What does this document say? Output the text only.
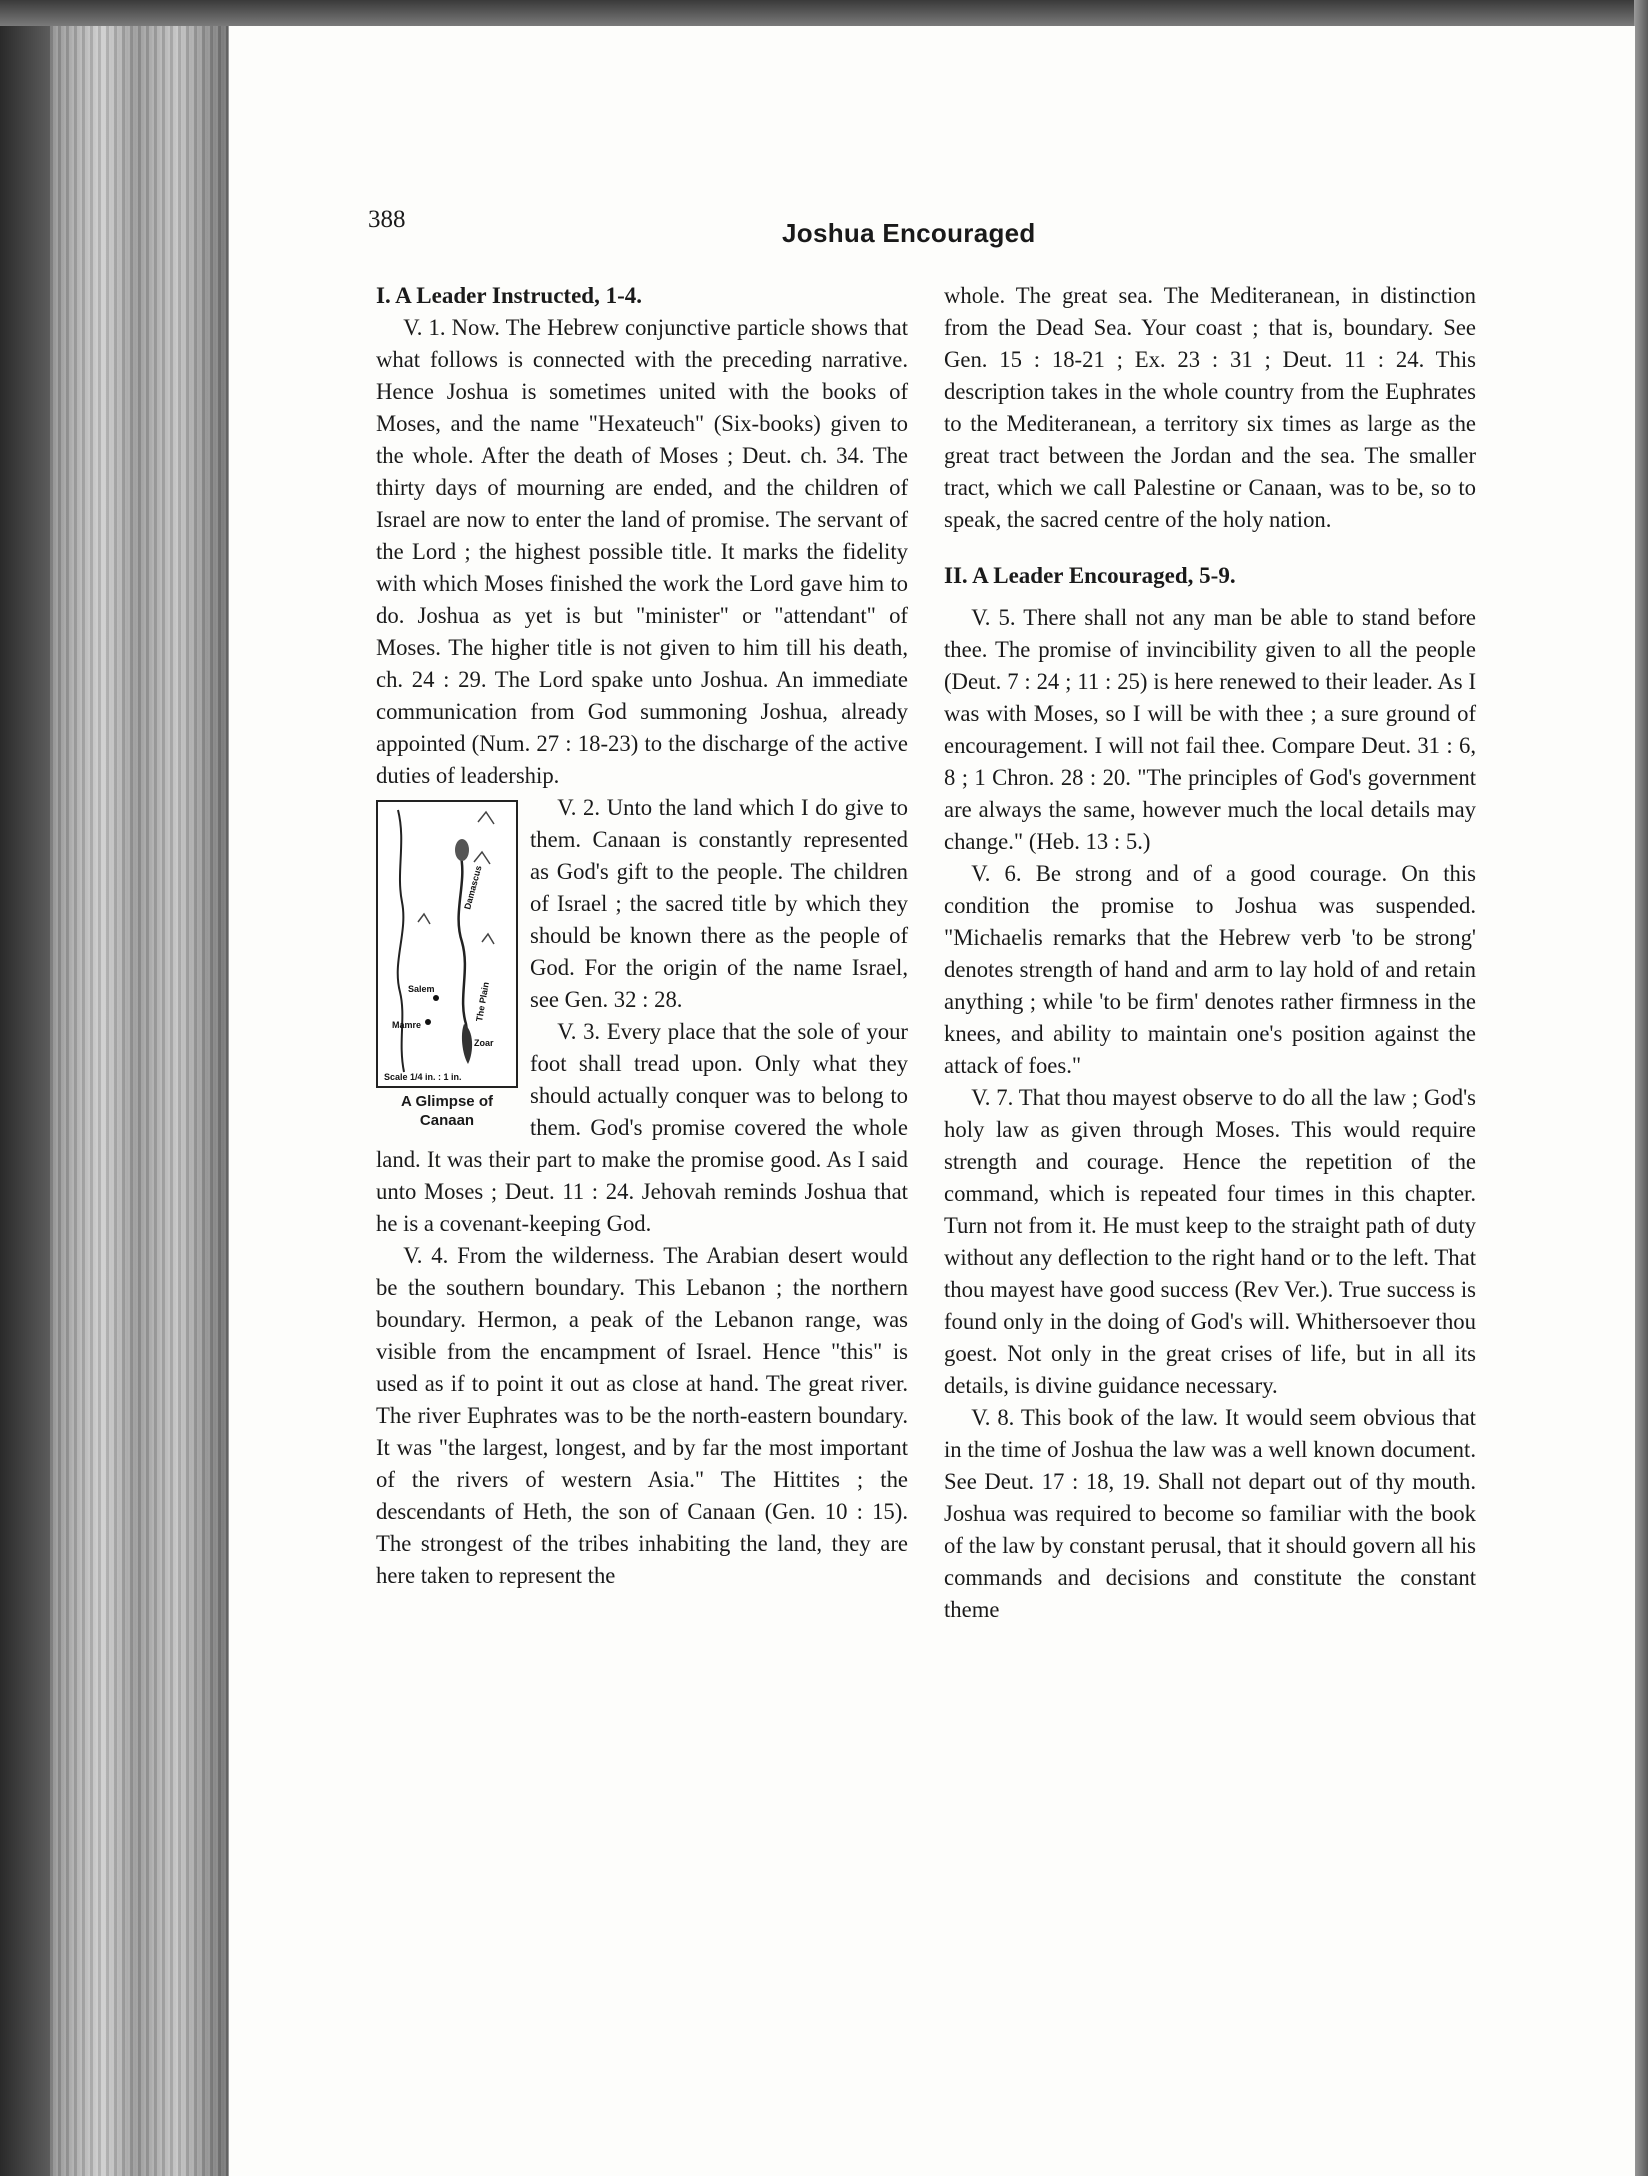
388	Joshua Encouraged
I. A Leader Instructed, 1-4.

V. 1. Now. The Hebrew conjunctive particle shows that what follows is connected with the preceding narrative. Hence Joshua is sometimes united with the books of Moses, and the name "Hexateuch" (Six-books) given to the whole. After the death of Moses ; Deut. ch. 34. The thirty days of mourning are ended, and the children of Israel are now to enter the land of promise. The servant of the Lord ; the highest possible title. It marks the fidelity with which Moses finished the work the Lord gave him to do. Joshua as yet is but "minister" or "attendant" of Moses. The higher title is not given to him till his death, ch. 24 : 29. The Lord spake unto Joshua. An immediate communication from God summoning Joshua, already appointed (Num. 27 : 18-23) to the discharge of the active duties of leadership.

Salem
Mamre
Zoar
The Plain
Damascus
Scale 1/4 in. : 1 in.
A Glimpse of
Canaan

V. 2. Unto the land which I do give to them. Canaan is constantly represented as God's gift to the people. The children of Israel ; the sacred title by which they should be known there as the people of God. For the origin of the name Israel, see Gen. 32 : 28.

V. 3. Every place that the sole of your foot shall tread upon. Only what they should actually conquer was to belong to them. God's promise covered the whole land. It was their part to make the promise good. As I said unto Moses ; Deut. 11 : 24. Jehovah reminds Joshua that he is a covenant-keeping God.

V. 4. From the wilderness. The Arabian desert would be the southern boundary. This Lebanon ; the northern boundary. Hermon, a peak of the Lebanon range, was visible from the encampment of Israel. Hence "this" is used as if to point it out as close at hand. The great river. The river Euphrates was to be the north-eastern boundary. It was "the largest, longest, and by far the most important of the rivers of western Asia." The Hittites ; the descendants of Heth, the son of Canaan (Gen. 10 : 15). The strongest of the tribes inhabiting the land, they are here taken to represent the

whole. The great sea. The Mediteranean, in distinction from the Dead Sea. Your coast ; that is, boundary. See Gen. 15 : 18-21 ; Ex. 23 : 31 ; Deut. 11 : 24. This description takes in the whole country from the Euphrates to the Mediteranean, a territory six times as large as the great tract between the Jordan and the sea. The smaller tract, which we call Palestine or Canaan, was to be, so to speak, the sacred centre of the holy nation.

II. A Leader Encouraged, 5-9.

V. 5. There shall not any man be able to stand before thee. The promise of invincibility given to all the people (Deut. 7 : 24 ; 11 : 25) is here renewed to their leader. As I was with Moses, so I will be with thee ; a sure ground of encouragement. I will not fail thee. Compare Deut. 31 : 6, 8 ; 1 Chron. 28 : 20. "The principles of God's government are always the same, however much the local details may change." (Heb. 13 : 5.)

V. 6. Be strong and of a good courage. On this condition the promise to Joshua was suspended. "Michaelis remarks that the Hebrew verb 'to be strong' denotes strength of hand and arm to lay hold of and retain anything ; while 'to be firm' denotes rather firmness in the knees, and ability to maintain one's position against the attack of foes."

V. 7. That thou mayest observe to do all the law ; God's holy law as given through Moses. This would require strength and courage. Hence the repetition of the command, which is repeated four times in this chapter. Turn not from it. He must keep to the straight path of duty without any deflection to the right hand or to the left. That thou mayest have good success (Rev Ver.). True success is found only in the doing of God's will. Whithersoever thou goest. Not only in the great crises of life, but in all its details, is divine guidance necessary.

V. 8. This book of the law. It would seem obvious that in the time of Joshua the law was a well known document. See Deut. 17 : 18, 19. Shall not depart out of thy mouth. Joshua was required to become so familiar with the book of the law by constant perusal, that it should govern all his commands and decisions and constitute the constant theme
